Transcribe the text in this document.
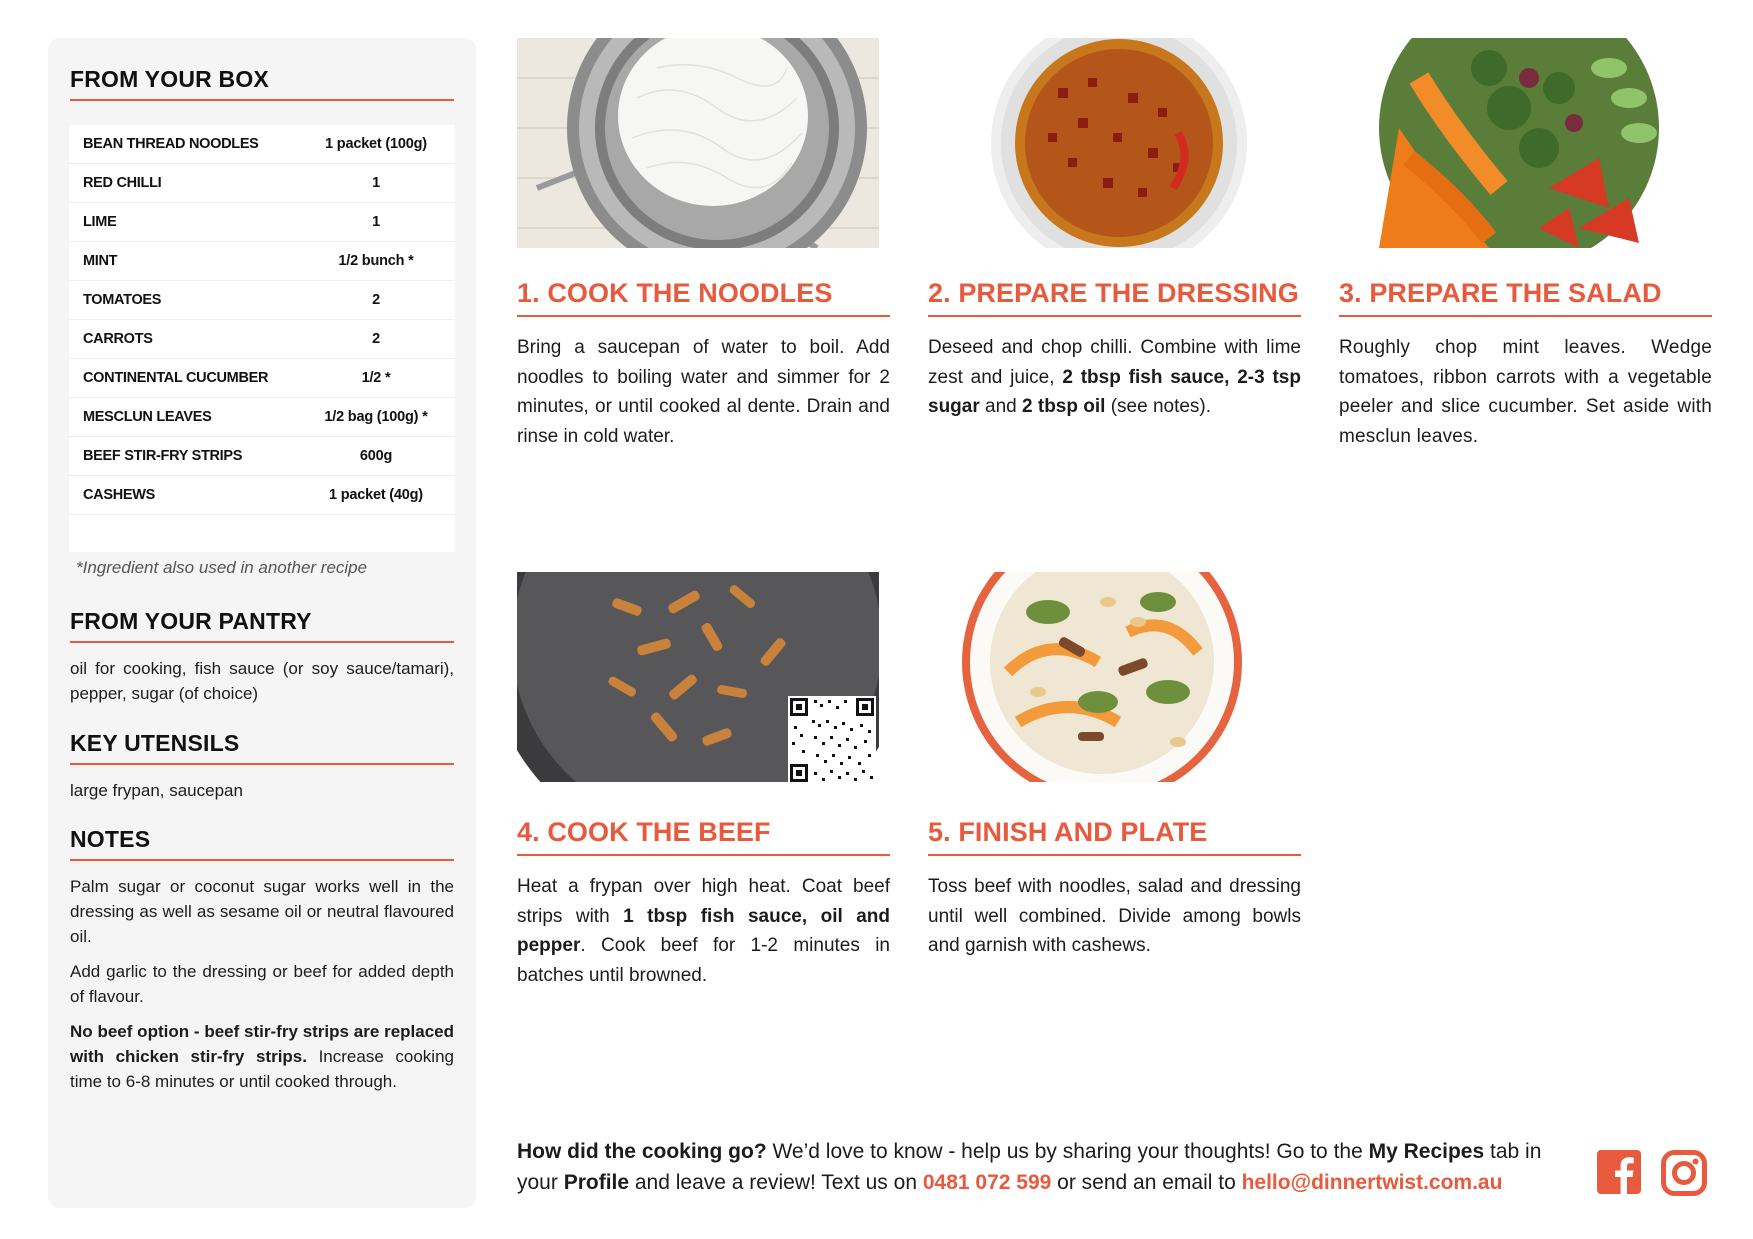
FROM YOUR BOX
BEAN THREAD NOODLES	1 packet (100g)
RED CHILLI	1
LIME	1
MINT	1/2 bunch *
TOMATOES	2
CARROTS	2
CONTINENTAL CUCUMBER	1/2 *
MESCLUN LEAVES	1/2 bag (100g) *
BEEF STIR-FRY STRIPS	600g
CASHEWS	1 packet (40g)
*Ingredient also used in another recipe
FROM YOUR PANTRY
oil for cooking, fish sauce (or soy sauce/tamari), pepper, sugar (of choice)
KEY UTENSILS
large frypan, saucepan
NOTES

Palm sugar or coconut sugar works well in the dressing as well as sesame oil or neutral flavoured oil.

Add garlic to the dressing or beef for added depth of flavour.

No beef option - beef stir-fry strips are replaced with chicken stir-fry strips. Increase cooking time to 6-8 minutes or until cooked through.

1. COOK THE NOODLES

Bring a saucepan of water to boil. Add noodles to boiling water and simmer for 2 minutes, or until cooked al dente. Drain and rinse in cold water.

2. PREPARE THE DRESSING

Deseed and chop chilli. Combine with lime zest and juice, 2 tbsp fish sauce, 2-3 tsp sugar and 2 tbsp oil (see notes).

3. PREPARE THE SALAD

Roughly chop mint leaves. Wedge tomatoes, ribbon carrots with a vegetable peeler and slice cucumber. Set aside with mesclun leaves.

4. COOK THE BEEF

Heat a frypan over high heat. Coat beef strips with 1 tbsp fish sauce, oil and pepper. Cook beef for 1-2 minutes in batches until browned.

5. FINISH AND PLATE

Toss beef with noodles, salad and dressing until well combined. Divide among bowls and garnish with cashews.

How did the cooking go? We’d love to know - help us by sharing your thoughts! Go to the My Recipes tab in your Profile and leave a review! Text us on 0481 072 599 or send an email to hello@dinnertwist.com.au
